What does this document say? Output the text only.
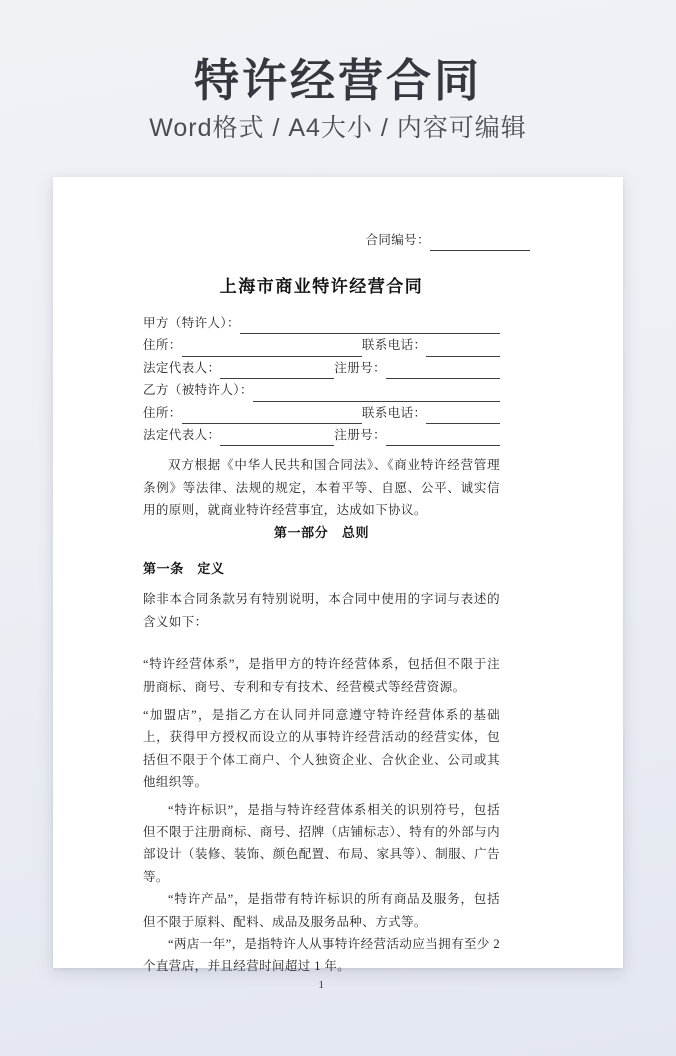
特许经营合同

Word格式 / A4大小 / 内容可编辑

合同编号：
上海市商业特许经营合同
甲方（特许人）：
住所：	联系电话：
法定代表人：	注册号：
乙方（被特许人）：
住所：	联系电话：
法定代表人：	注册号：

双方根据《中华人民共和国合同法》、《商业特许经营管理条例》等法律、法规的规定，本着平等、自愿、公平、诚实信用的原则，就商业特许经营事宜，达成如下协议。

第一部分　总则
第一条　定义

除非本合同条款另有特别说明，本合同中使用的字词与表述的含义如下：

“特许经营体系”，是指甲方的特许经营体系，包括但不限于注册商标、商号、专利和专有技术、经营模式等经营资源。

“加盟店”，是指乙方在认同并同意遵守特许经营体系的基础上，获得甲方授权而设立的从事特许经营活动的经营实体，包括但不限于个体工商户、个人独资企业、合伙企业、公司或其他组织等。

“特许标识”，是指与特许经营体系相关的识别符号，包括但不限于注册商标、商号、招牌（店铺标志）、特有的外部与内部设计（装修、装饰、颜色配置、布局、家具等）、制服、广告等。

“特许产品”，是指带有特许标识的所有商品及服务，包括但不限于原料、配料、成品及服务品种、方式等。

“两店一年”，是指特许人从事特许经营活动应当拥有至少 2 个直营店，并且经营时间超过 1 年。

1
